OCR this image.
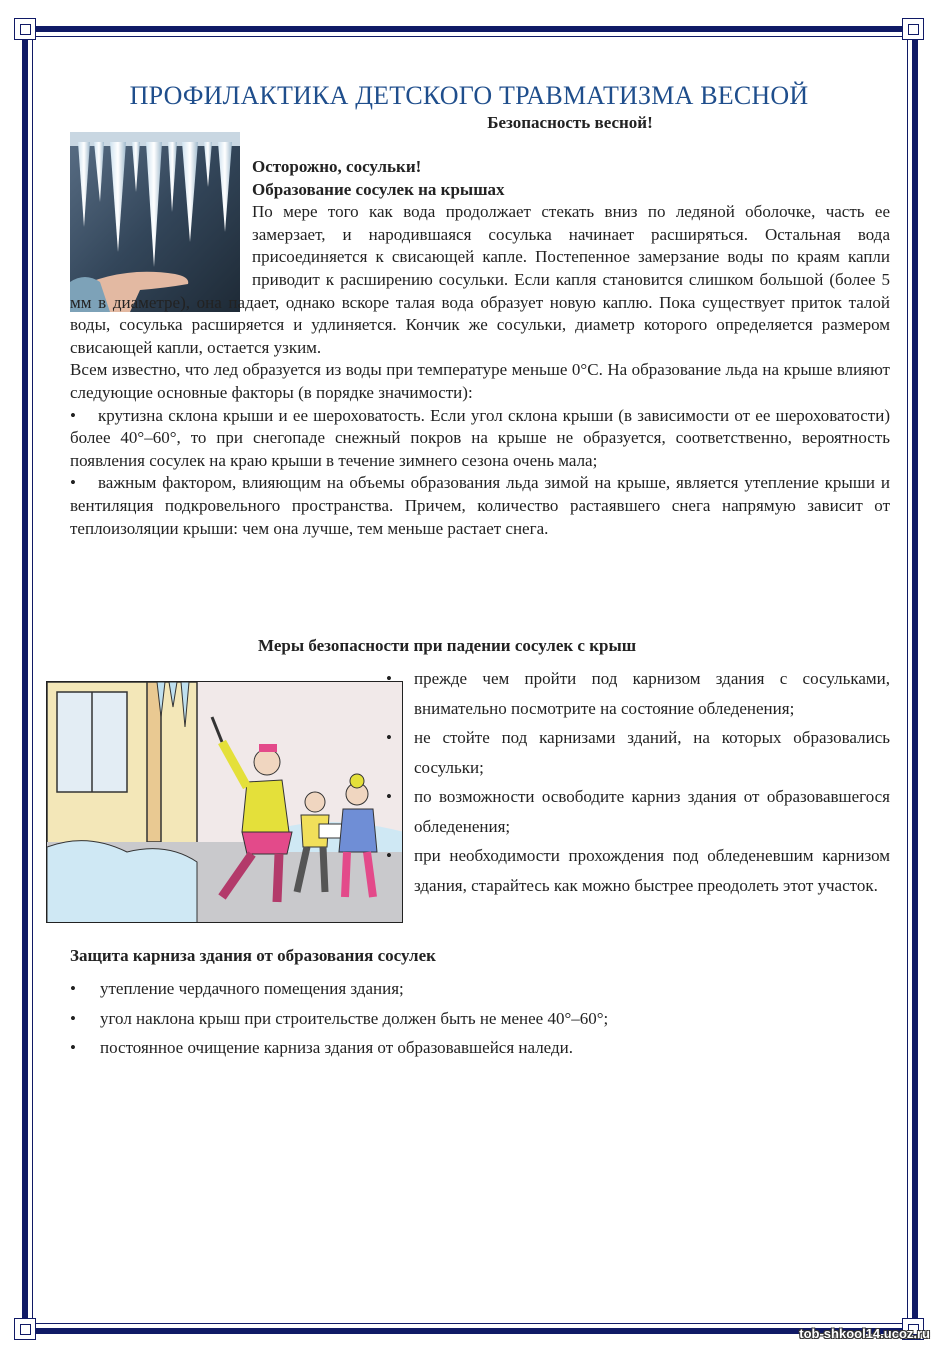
ПРОФИЛАКТИКА ДЕТСКОГО ТРАВМАТИЗМА ВЕСНОЙ
Безопасность весной!

Осторожно, сосульки!

Образование сосулек на крышах

По мере того как вода продолжает стекать вниз по ледяной оболочке, часть ее замерзает, и народившаяся сосулька начинает расширяться. Остальная вода присоединяется к свисающей капле. Постепенное замерзание воды по краям капли приводит к расширению сосульки. Если капля становится слишком большой (более 5 мм в диаметре), она падает, однако вскоре талая вода образует новую каплю. Пока существует приток талой воды, сосулька расширяется и удлиняется. Кончик же сосульки, диаметр которого определяется размером свисающей капли, остается узким.

Всем известно, что лед образуется из воды при температуре меньше 0°С. На образование льда на крыше влияют следующие основные факторы (в порядке значимости):

• крутизна склона крыши и ее шероховатость. Если угол склона крыши (в зависимости от ее шероховатости) более 40°–60°, то при снегопаде снежный покров на крыше не образуется, соответственно, вероятность появления сосулек на краю крыши в течение зимнего сезона очень мала;

• важным фактором, влияющим на объемы образования льда зимой на крыше, является утепление крыши и вентиляция подкровельного пространства. Причем, количество растаявшего снега напрямую зависит от теплоизоляции крыши: чем она лучше, тем меньше растает снега.

Меры безопасности при падении сосулек с крыш
• прежде чем пройти под карнизом здания с сосульками, внимательно посмотрите на состояние обледенения;
• не стойте под карнизами зданий, на которых образовались сосульки;
• по возможности освободите карниз здания от образовавшегося обледенения;
• при необходимости прохождения под обледеневшим карнизом здания, старайтесь как можно быстрее преодолеть этот участок.
Защита карниза здания от образования сосулек
• утепление чердачного помещения здания;
• угол наклона крыш при строительстве должен быть не менее 40°–60°;
• постоянное очищение карниза здания от образовавшейся наледи.
tob-shkool14.ucoz.ru
